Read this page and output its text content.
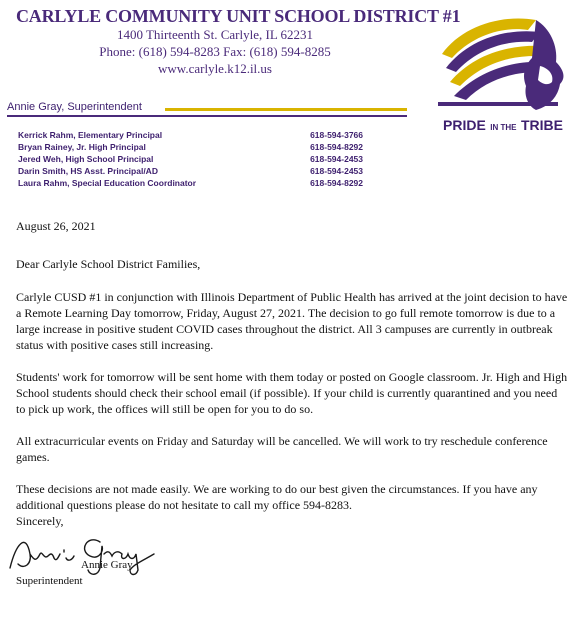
CARLYLE COMMUNITY UNIT SCHOOL DISTRICT #1
1400 Thirteenth St. Carlyle, IL 62231
Phone: (618) 594-8283 Fax: (618) 594-8285
www.carlyle.k12.il.us
PRIDE IN THE TRIBE
Annie Gray, Superintendent
Kerrick Rahm, Elementary Principal	618-594-3766
Bryan Rainey, Jr. High Principal	618-594-8292
Jered Weh, High School Principal	618-594-2453
Darin Smith, HS Asst. Principal/AD	618-594-2453
Laura Rahm, Special Education Coordinator	618-594-8292

August 26, 2021

Dear Carlyle School District Families,

Carlyle CUSD #1 in conjunction with Illinois Department of Public Health has arrived at the joint decision to have a Remote Learning Day tomorrow, Friday, August 27, 2021. The decision to go full remote tomorrow is due to a large increase in positive student COVID cases throughout the district. All 3 campuses are currently in outbreak status with positive cases still increasing.

Students' work for tomorrow will be sent home with them today or posted on Google classroom. Jr. High and High School students should check their school email (if possible). If your child is currently quarantined and you need to pick up work, the offices will still be open for you to do so.

All extracurricular events on Friday and Saturday will be cancelled. We will work to try reschedule conference games.

These decisions are not made easily. We are working to do our best given the circumstances. If you have any additional questions please do not hesitate to call my office 594-8283.

Sincerely,
Annie Gray
Superintendent
